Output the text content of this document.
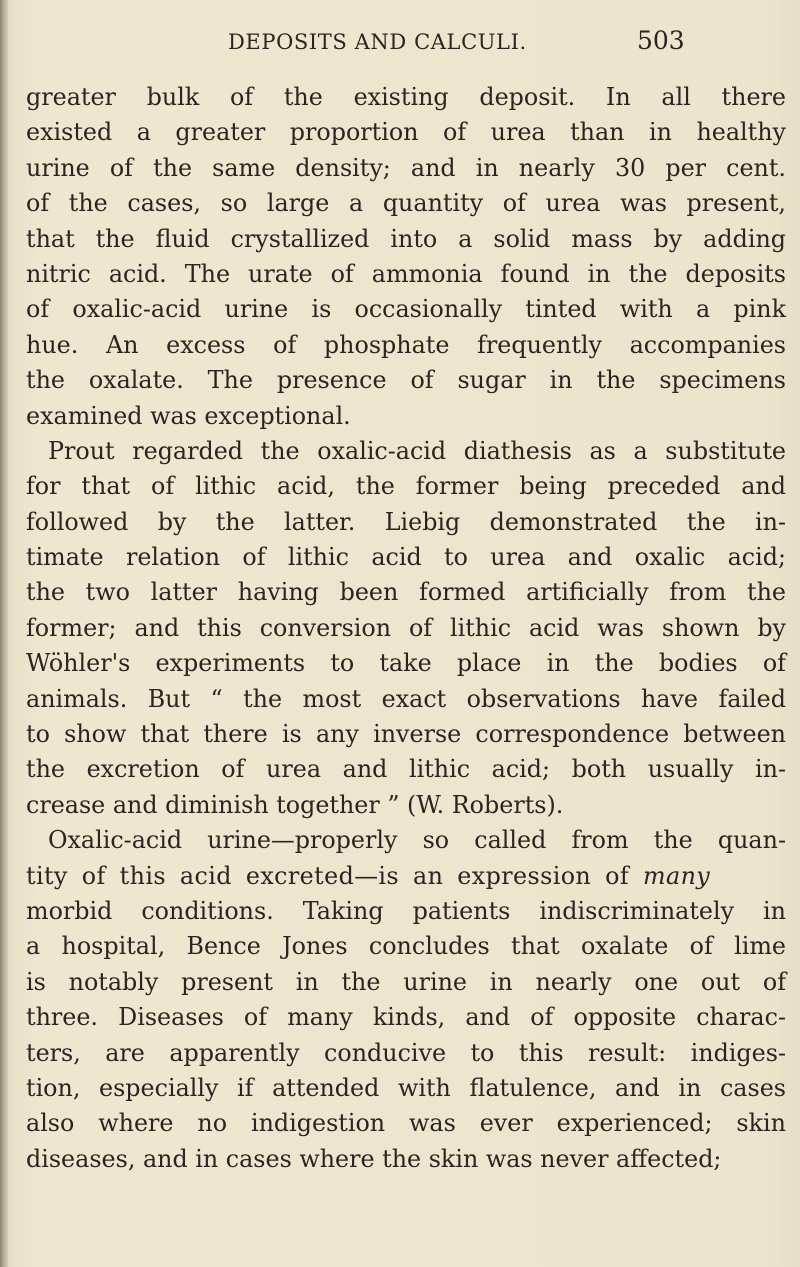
DEPOSITS AND CALCULI.	503
greater bulk of the existing deposit. In all there
existed a greater proportion of urea than in healthy
urine of the same density; and in nearly 30 per cent.
of the cases, so large a quantity of urea was present,
that the fluid crystallized into a solid mass by adding
nitric acid. The urate of ammonia found in the deposits
of oxalic-acid urine is occasionally tinted with a pink
hue. An excess of phosphate frequently accompanies
the oxalate. The presence of sugar in the specimens
examined was exceptional.
Prout regarded the oxalic-acid diathesis as a substitute
for that of lithic acid, the former being preceded and
followed by the latter. Liebig demonstrated the in-
timate relation of lithic acid to urea and oxalic acid;
the two latter having been formed artificially from the
former; and this conversion of lithic acid was shown by
Wöhler's experiments to take place in the bodies of
animals. But “ the most exact observations have failed
to show that there is any inverse correspondence between
the excretion of urea and lithic acid; both usually in-
crease and diminish together ” (W. Roberts).
Oxalic-acid urine—properly so called from the quan-
tity of this acid excreted—is an expression of many
morbid conditions. Taking patients indiscriminately in
a hospital, Bence Jones concludes that oxalate of lime
is notably present in the urine in nearly one out of
three. Diseases of many kinds, and of opposite charac-
ters, are apparently conducive to this result: indiges-
tion, especially if attended with flatulence, and in cases
also where no indigestion was ever experienced; skin
diseases, and in cases where the skin was never affected;
